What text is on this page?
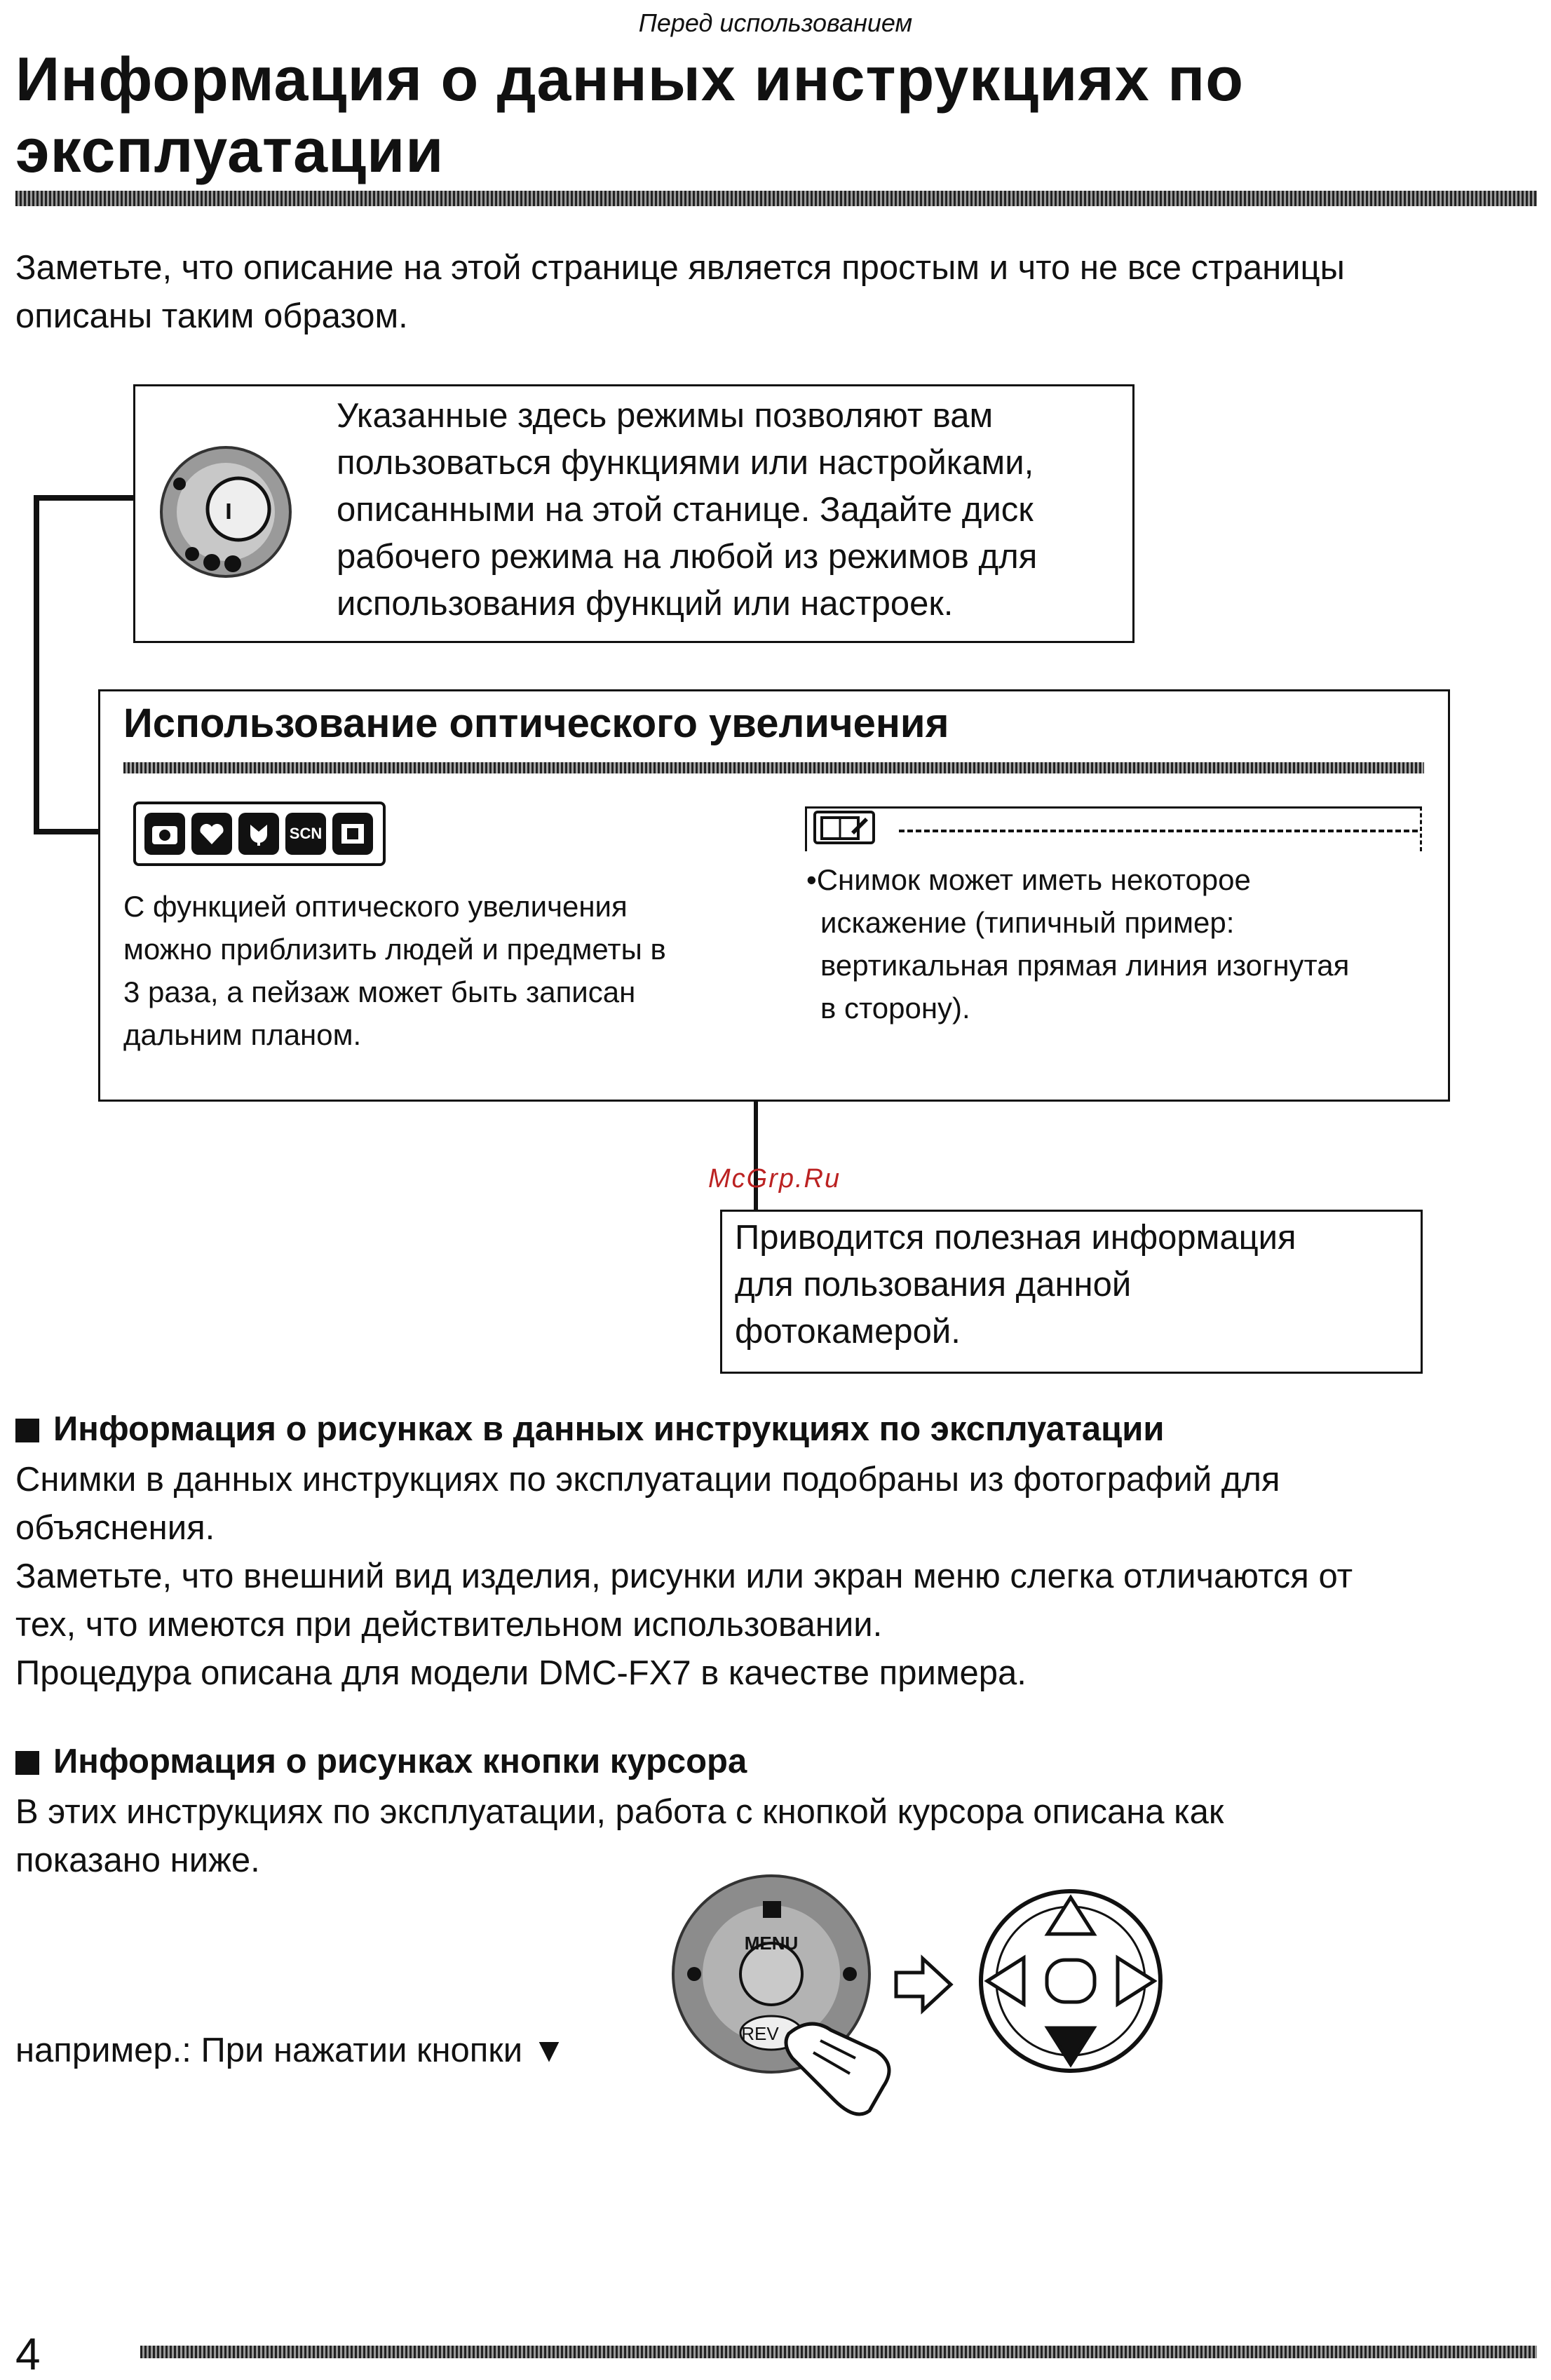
Перед использованием
Информация о данных инструкциях по
эксплуатации
Заметьте, что описание на этой странице является простым и что не все страницы
описаны таким образом.
Указанные здесь режимы позволяют вам
пользоваться функциями или настройками,
описанными на этой станице. Задайте диск
рабочего режима на любой из режимов для
использования функций или настроек.
Использование оптического увеличения
SCN
С функцией оптического увеличения
можно приблизить людей и предметы в
3 раза, а пейзаж может быть записан
дальним планом.
•Снимок может иметь некоторое
искажение (типичный пример:
вертикальная прямая линия изогнутая
в сторону).
McGrp.Ru
Приводится полезная информация
для пользования данной
фотокамерой.
Информация о рисунках в данных инструкциях по эксплуатации
Снимки в данных инструкциях по эксплуатации подобраны из фотографий для
объяснения.
Заметьте, что внешний вид изделия, рисунки или экран меню слегка отличаются от
тех, что имеются при действительном использовании.
Процедура описана для модели DMC-FX7 в качестве примера.
Информация о рисунках кнопки курсора
В этих инструкциях по эксплуатации, работа с кнопкой курсора описана как
показано ниже.
например.: При нажатии кнопки ▼
MENU
REV
4
